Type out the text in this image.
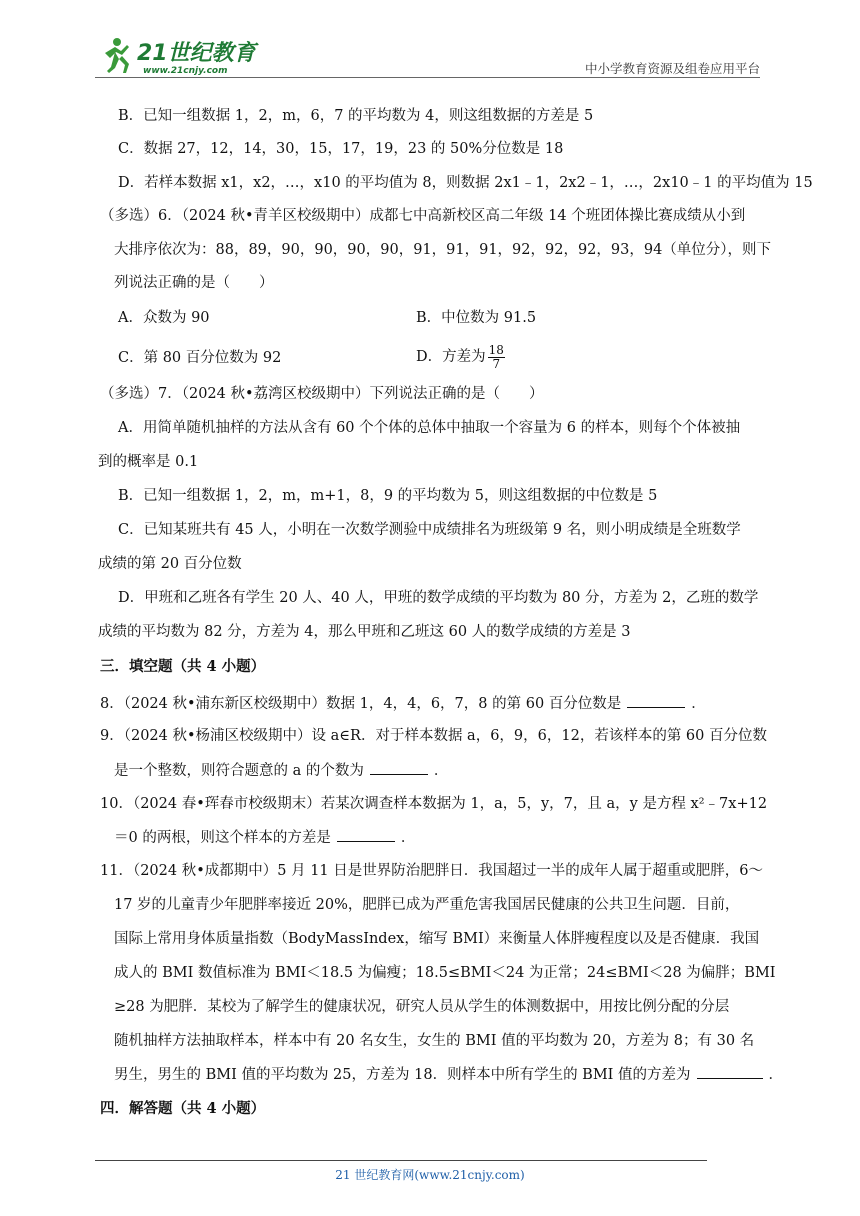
21世纪教育
www.21cnjy.com	中小学教育资源及组卷应用平台
B．已知一组数据 1，2，m，6，7 的平均数为 4，则这组数据的方差是 5
C．数据 27，12，14，30，15，17，19，23 的 50%分位数是 18
D．若样本数据 x1，x2，…，x10 的平均值为 8，则数据 2x1﹣1，2x2﹣1，…，2x10﹣1 的平均值为 15
（多选）6．（2024 秋•青羊区校级期中）成都七中高新校区高二年级 14 个班团体操比赛成绩从小到
大排序依次为：88，89，90，90，90，90，91，91，91，92，92，92，93，94（单位分），则下
列说法正确的是（　　）
A．众数为 90	B．中位数为 91.5
C．第 80 百分位数为 92	D．方差为 $\frac{18}{7}$
（多选）7．（2024 秋•荔湾区校级期中）下列说法正确的是（　　）
A．用简单随机抽样的方法从含有 60 个个体的总体中抽取一个容量为 6 的样本，则每个个体被抽
到的概率是 0.1
B．已知一组数据 1，2，m，m+1，8，9 的平均数为 5，则这组数据的中位数是 5
C．已知某班共有 45 人，小明在一次数学测验中成绩排名为班级第 9 名，则小明成绩是全班数学
成绩的第 20 百分位数
D．甲班和乙班各有学生 20 人、40 人，甲班的数学成绩的平均数为 80 分，方差为 2，乙班的数学
成绩的平均数为 82 分，方差为 4，那么甲班和乙班这 60 人的数学成绩的方差是 3
三．填空题（共 4 小题）
8．（2024 秋•浦东新区校级期中）数据 1，4，4，6，7，8 的第 60 百分位数是	．
9．（2024 秋•杨浦区校级期中）设 a∈R．对于样本数据 a，6，9，6，12，若该样本的第 60 百分位数
是一个整数，则符合题意的 a 的个数为	．
10．（2024 春•珲春市校级期末）若某次调查样本数据为 1，a，5，y，7，且 a，y 是方程 x²﹣7x+12
＝0 的两根，则这个样本的方差是	．
11．（2024 秋•成都期中）5 月 11 日是世界防治肥胖日．我国超过一半的成年人属于超重或肥胖，6～
17 岁的儿童青少年肥胖率接近 20%，肥胖已成为严重危害我国居民健康的公共卫生问题．目前，
国际上常用身体质量指数（BodyMassIndex，缩写 BMI）来衡量人体胖瘦程度以及是否健康．我国
成人的 BMI 数值标准为 BMI＜18.5 为偏瘦；18.5≤BMI＜24 为正常；24≤BMI＜28 为偏胖；BMI
≥28 为肥胖．某校为了解学生的健康状况，研究人员从学生的体测数据中，用按比例分配的分层
随机抽样方法抽取样本，样本中有 20 名女生，女生的 BMI 值的平均数为 20，方差为 8；有 30 名
男生，男生的 BMI 值的平均数为 25，方差为 18．则样本中所有学生的 BMI 值的方差为	．
四．解答题（共 4 小题）
21 世纪教育网(www.21cnjy.com)
